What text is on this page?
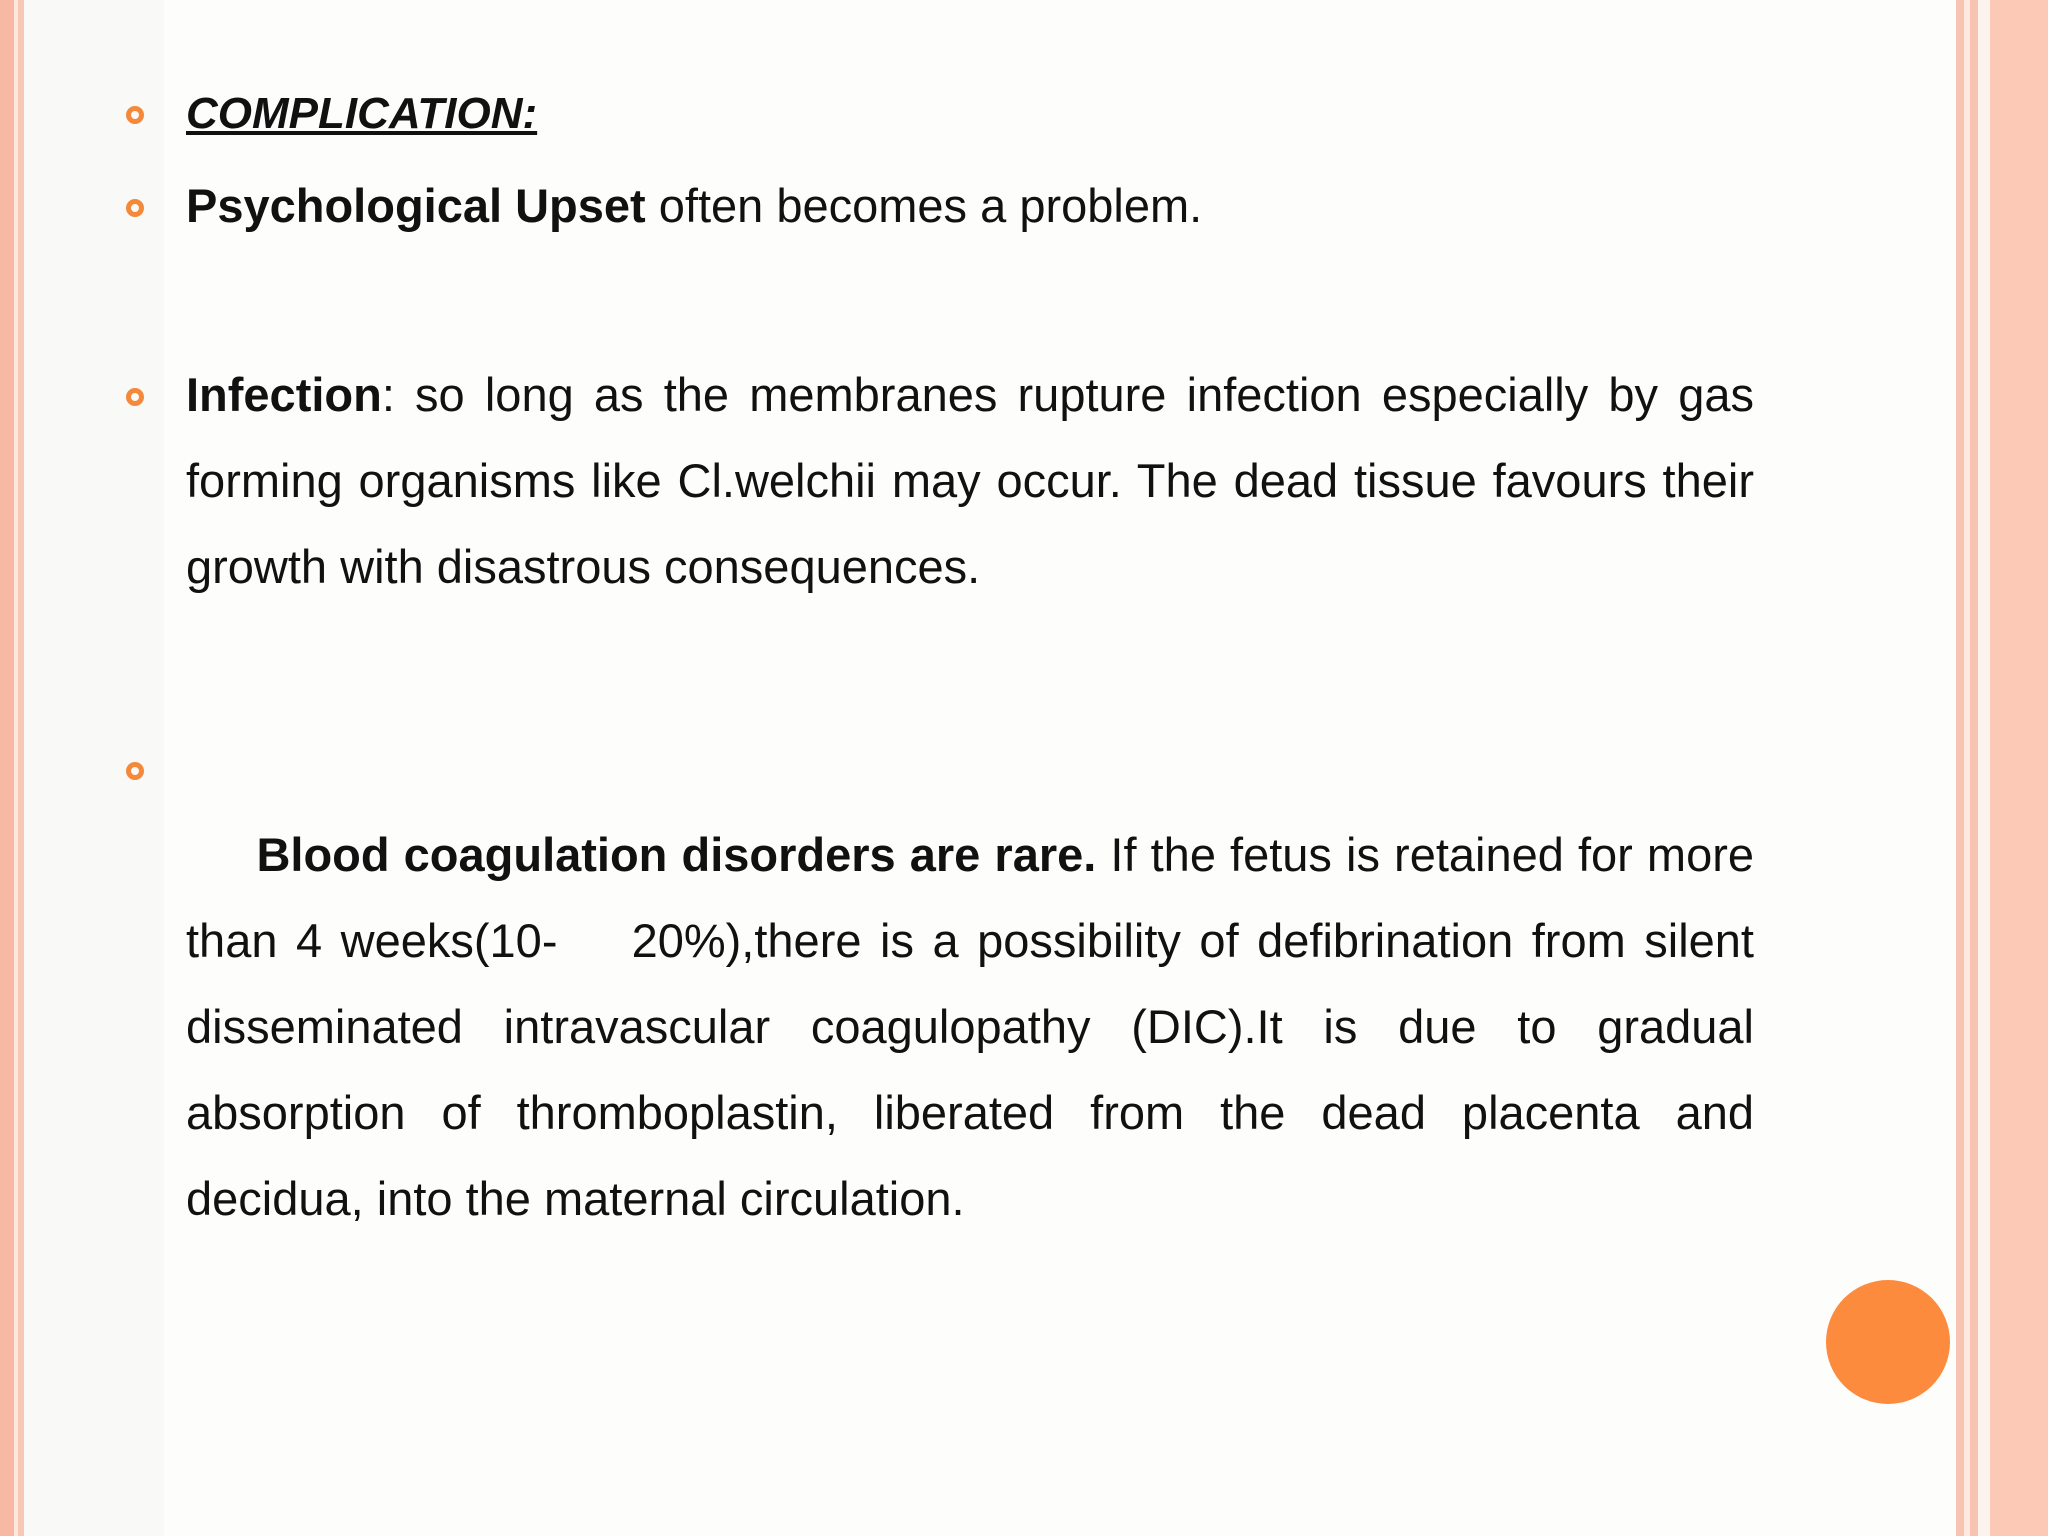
COMPLICATION:
Psychological Upset often becomes a problem.
Infection: so long as the membranes rupture infection especially by gas forming organisms like Cl.welchii may occur. The dead tissue favours their growth with disastrous consequences.

Blood coagulation disorders are rare. If the fetus is retained for more than 4 weeks(10-    20%),there is a possibility of defibrination from silent disseminated intravascular coagulopathy (DIC).It is due to gradual absorption of thromboplastin, liberated from the dead placenta and decidua, into the maternal circulation.
